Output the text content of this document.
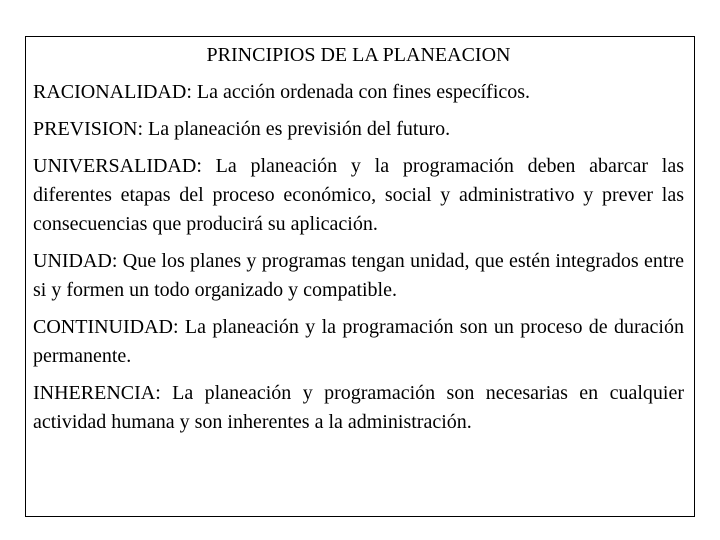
PRINCIPIOS DE LA PLANEACION

RACIONALIDAD: La acción ordenada con fines específicos.

PREVISION: La planeación es previsión del futuro.

UNIVERSALIDAD: La planeación y la programación deben abarcar las diferentes etapas del proceso económico, social y administrativo y prever las consecuencias que producirá su aplicación.

UNIDAD: Que los planes y programas tengan unidad, que estén integrados entre si y formen un todo organizado y compatible.

CONTINUIDAD: La planeación y la programación son un proceso de duración permanente.

INHERENCIA: La planeación y programación son necesarias en cualquier actividad humana y son inherentes a la administración.
